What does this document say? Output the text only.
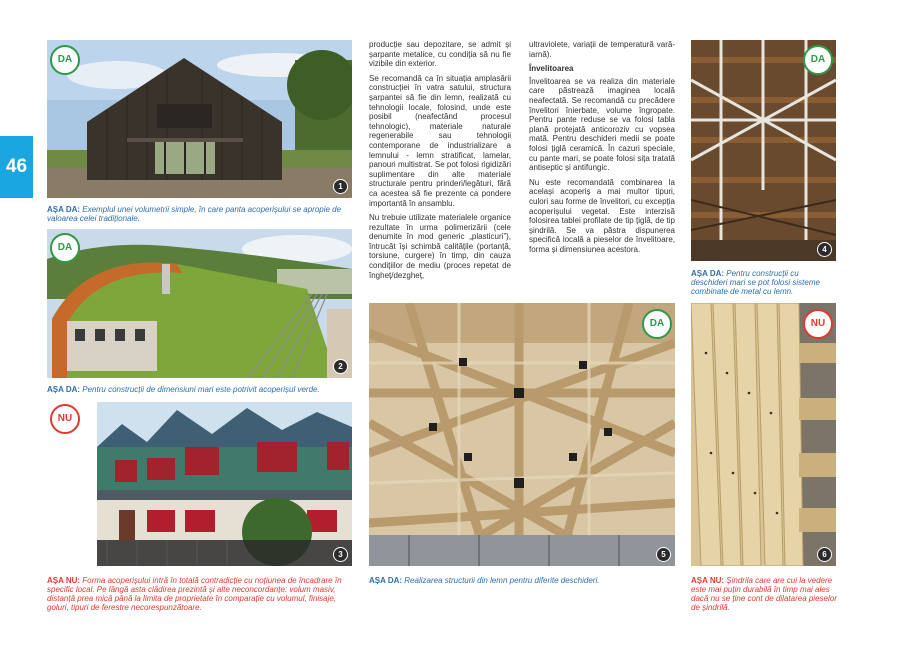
46
1
DA
AȘA DA: Exemplul unei volumetrii simple, în care panta acoperișului se apropie de valoarea celei tradiționale.
2
DA
AȘA DA: Pentru construcții de dimensiuni mari este potrivit acoperișul verde.
3
NU
AȘA NU: Forma acoperișului intră în totală contradicție cu noțiunea de încadrare în specific local. Pe lângă asta clădirea prezintă și alte neconcordanțe: volum masiv, distanță prea mică până la limita de proprietate în comparație cu volumul, finisaje, goluri, tipuri de ferestre necorespunzătoare.

producție sau depozitare, se admit și șarpante metalice, cu condiția să nu fie vizibile din exterior.

Se recomandă ca în situația amplasării construcției în vatra satului, structura șarpantei să fie din lemn, realizată cu tehnologii locale, folosind, unde este posibil (neafectând procesul tehnologic), materiale naturale regenerabile sau tehnologii contemporane de industrializare a lemnului - lemn stratificat, lamelar, panouri multistrat. Se pot folosi rigidizări suplimentare din alte materiale structurale pentru prinderi/legături, fără ca acestea să fie prezente ca pondere importantă în ansamblu.

Nu trebuie utilizate materialele organice rezultate în urma polimerizării (cele denumite în mod generic „plasticuri”), întrucât își schimbă calitățile (portanță, torsiune, curgere) în timp, din cauza condițiilor de mediu (proces repetat de îngheț/dezgheț,

ultraviolete, variații de temperatură vară-iarnă).

Învelitoarea

Învelitoarea se va realiza din materiale care păstrează imaginea locală neafectată. Se recomandă cu precădere învelitori înierbate, volume îngropate. Pentru pante reduse se va folosi tabla plană protejată anticoroziv cu vopsea mată. Pentru deschideri medii se poate folosi țiglă ceramică. În cazuri speciale, cu pante mari, se poate folosi sița tratată antiseptic și antifungic.

Nu este recomandată combinarea la același acoperiș a mai multor tipuri, culori sau forme de învelitori, cu excepția acoperișului vegetal. Este interzisă folosirea tablei profilate de tip țiglă, de tip șindrilă. Se va păstra dispunerea specifică locală a pieselor de învelitoare, forma și dimensiunea acestora.

5
DA
AȘA DA: Realizarea structurii din lemn pentru diferite deschideri.
4
DA
AȘA DA: Pentru construcții cu deschideri mari se pot folosi sisteme combinate de metal cu lemn.
6
NU
AȘA NU: Șindrila care are cui la vedere este mai puțin durabilă în timp mai ales dacă nu se ține cont de dilatarea pieselor de șindrilă.
